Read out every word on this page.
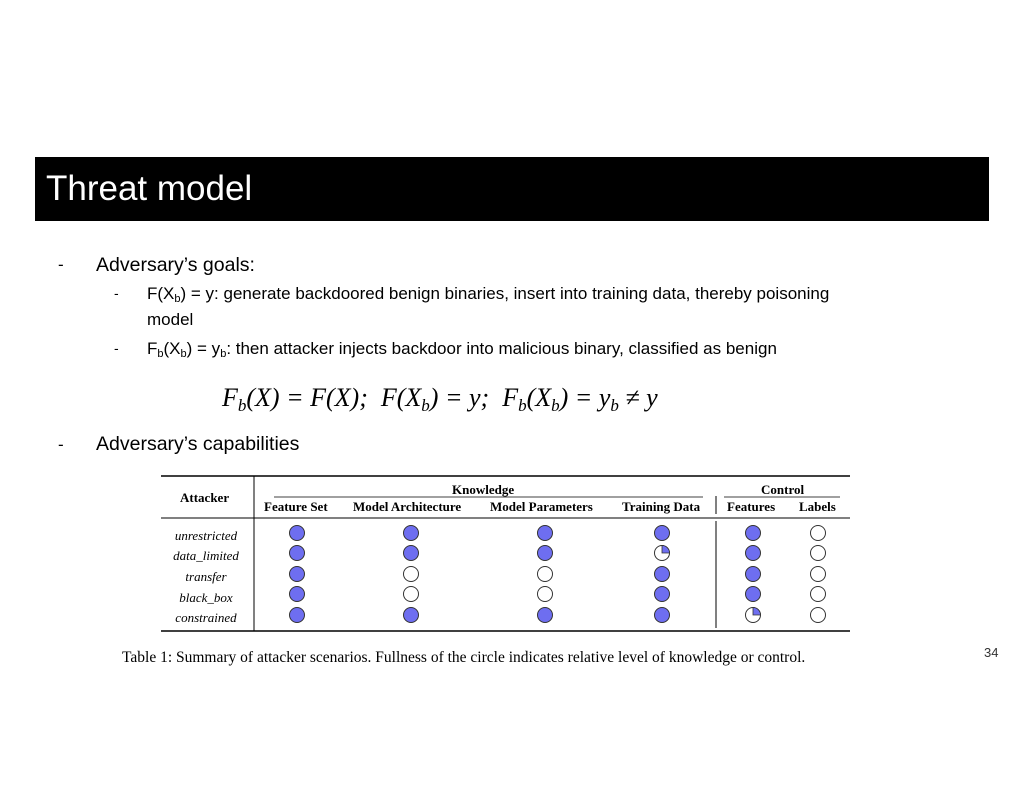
Threat model
- Adversary’s goals:
- $F(X_b) = y$: generate backdoored benign binaries, insert into training data, thereby poisoning
model
- $F_b(X_b) = y_b$: then attacker injects backdoor into malicious binary, classified as benign
$F_b(X) = F(X)$;  $F(X_b) = y$;  $F_b(X_b) = y_b \ne y$
- Adversary’s capabilities
Knowledge	Control
Attacker
Feature Set Model Architecture Model Parameters Training Data Features Labels
unrestricted
data_limited
transfer
black_box
constrained
Table 1: Summary of attacker scenarios. Fullness of the circle indicates relative level of knowledge or control.	34
